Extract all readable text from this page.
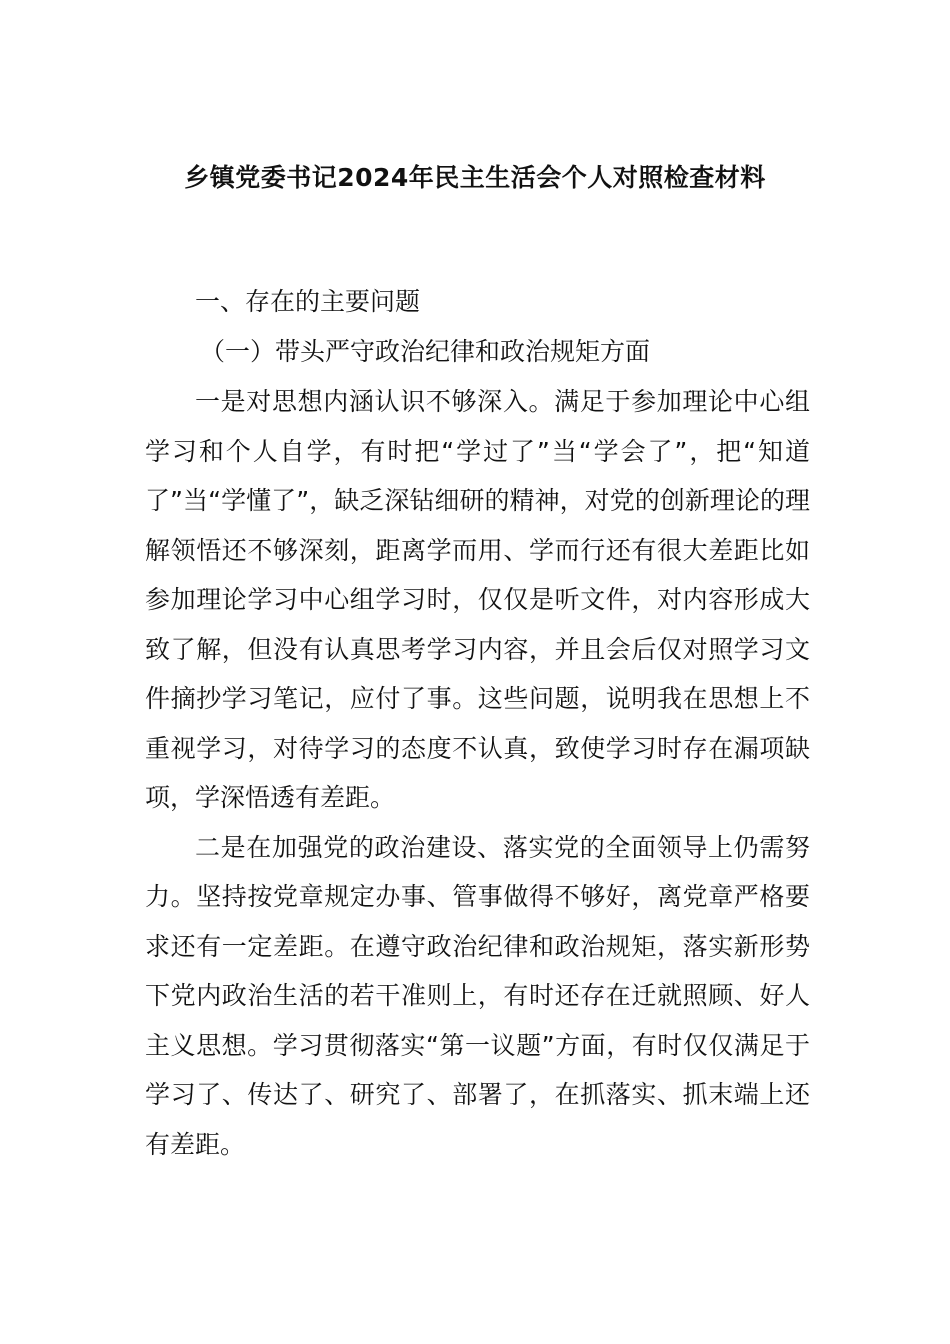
乡镇党委书记2024年民主生活会个人对照检查材料

一、存在的主要问题

（一）带头严守政治纪律和政治规矩方面

一是对思想内涵认识不够深入。满足于参加理论中心组学习和个人自学，有时把“学过了”当“学会了”，把“知道了”当“学懂了”，缺乏深钻细研的精神，对党的创新理论的理解领悟还不够深刻，距离学而用、学而行还有很大差距比如参加理论学习中心组学习时，仅仅是听文件，对内容形成大致了解，但没有认真思考学习内容，并且会后仅对照学习文件摘抄学习笔记，应付了事。这些问题，说明我在思想上不重视学习，对待学习的态度不认真，致使学习时存在漏项缺项，学深悟透有差距。

二是在加强党的政治建设、落实党的全面领导上仍需努力。坚持按党章规定办事、管事做得不够好，离党章严格要求还有一定差距。在遵守政治纪律和政治规矩，落实新形势下党内政治生活的若干准则上，有时还存在迁就照顾、好人主义思想。学习贯彻落实“第一议题”方面，有时仅仅满足于学习了、传达了、研究了、部署了，在抓落实、抓末端上还有差距。
